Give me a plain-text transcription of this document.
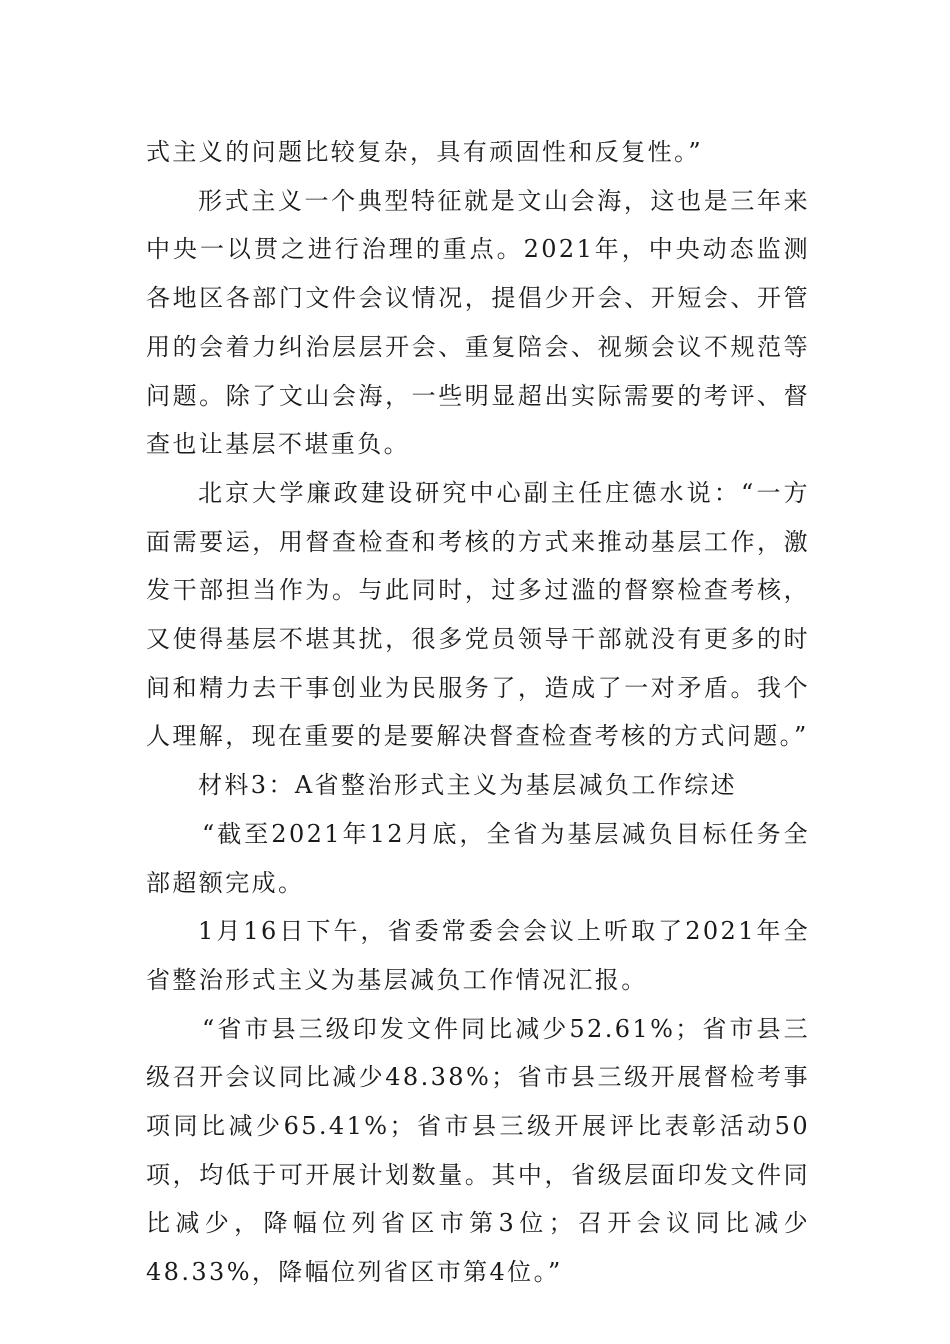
式主义的问题比较复杂，具有顽固性和反复性。”

形式主义一个典型特征就是文山会海，这也是三年来中央一以贯之进行治理的重点。2021年，中央动态监测各地区各部门文件会议情况，提倡少开会、开短会、开管用的会着力纠治层层开会、重复陪会、视频会议不规范等问题。除了文山会海，一些明显超出实际需要的考评、督查也让基层不堪重负。

北京大学廉政建设研究中心副主任庄德水说：“一方面需要运，用督查检查和考核的方式来推动基层工作，激发干部担当作为。与此同时，过多过滥的督察检查考核，又使得基层不堪其扰，很多党员领导干部就没有更多的时间和精力去干事创业为民服务了，造成了一对矛盾。我个人理解，现在重要的是要解决督查检查考核的方式问题。”

材料3：A省整治形式主义为基层减负工作综述

“截至2021年12月底，全省为基层减负目标任务全部超额完成。

1月16日下午，省委常委会会议上听取了2021年全省整治形式主义为基层减负工作情况汇报。

“省市县三级印发文件同比减少52.61%；省市县三级召开会议同比减少48.38%；省市县三级开展督检考事项同比减少65.41%；省市县三级开展评比表彰活动50项，均低于可开展计划数量。其中，省级层面印发文件同比减少，降幅位列省区市第3位；召开会议同比减少48.33%，降幅位列省区市第4位。”
